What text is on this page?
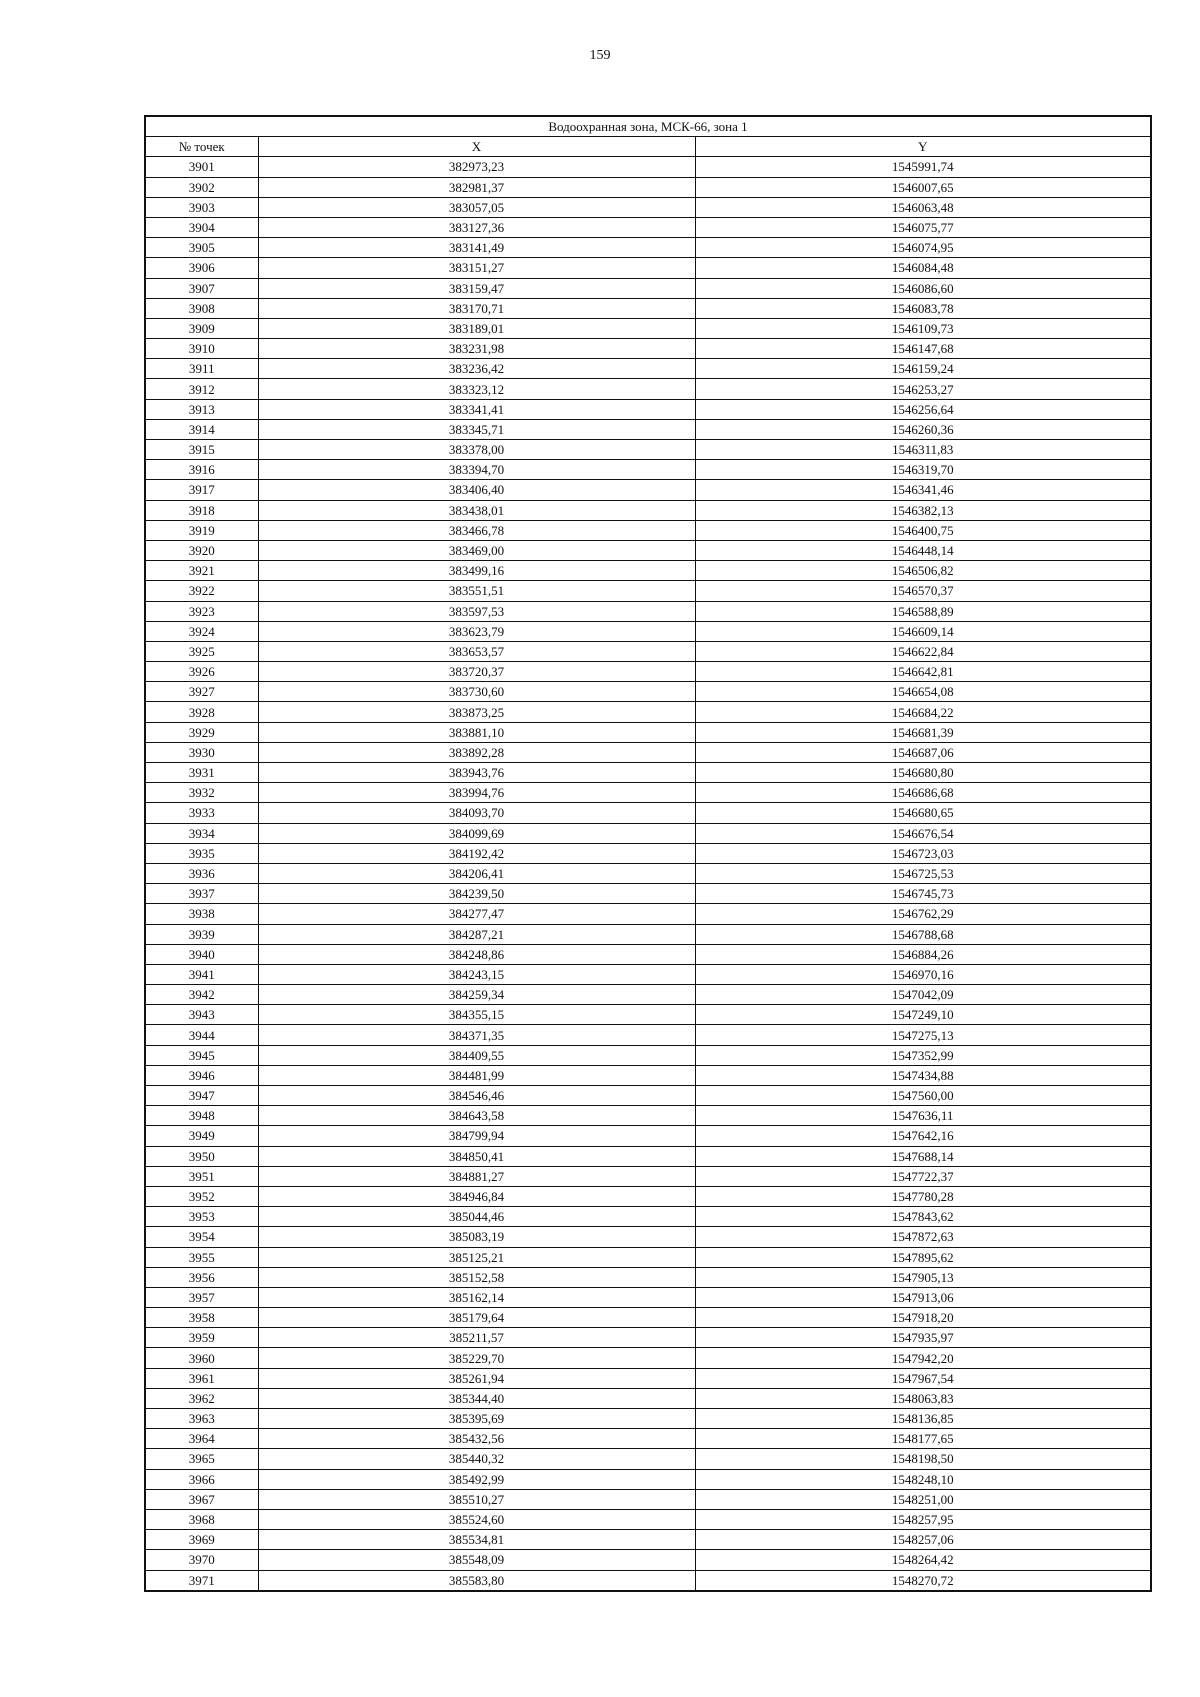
159
Водоохранная зона, МСК-66, зона 1		
№ точек	X	Y
3901	382973,23	1545991,74
3902	382981,37	1546007,65
3903	383057,05	1546063,48
3904	383127,36	1546075,77
3905	383141,49	1546074,95
3906	383151,27	1546084,48
3907	383159,47	1546086,60
3908	383170,71	1546083,78
3909	383189,01	1546109,73
3910	383231,98	1546147,68
3911	383236,42	1546159,24
3912	383323,12	1546253,27
3913	383341,41	1546256,64
3914	383345,71	1546260,36
3915	383378,00	1546311,83
3916	383394,70	1546319,70
3917	383406,40	1546341,46
3918	383438,01	1546382,13
3919	383466,78	1546400,75
3920	383469,00	1546448,14
3921	383499,16	1546506,82
3922	383551,51	1546570,37
3923	383597,53	1546588,89
3924	383623,79	1546609,14
3925	383653,57	1546622,84
3926	383720,37	1546642,81
3927	383730,60	1546654,08
3928	383873,25	1546684,22
3929	383881,10	1546681,39
3930	383892,28	1546687,06
3931	383943,76	1546680,80
3932	383994,76	1546686,68
3933	384093,70	1546680,65
3934	384099,69	1546676,54
3935	384192,42	1546723,03
3936	384206,41	1546725,53
3937	384239,50	1546745,73
3938	384277,47	1546762,29
3939	384287,21	1546788,68
3940	384248,86	1546884,26
3941	384243,15	1546970,16
3942	384259,34	1547042,09
3943	384355,15	1547249,10
3944	384371,35	1547275,13
3945	384409,55	1547352,99
3946	384481,99	1547434,88
3947	384546,46	1547560,00
3948	384643,58	1547636,11
3949	384799,94	1547642,16
3950	384850,41	1547688,14
3951	384881,27	1547722,37
3952	384946,84	1547780,28
3953	385044,46	1547843,62
3954	385083,19	1547872,63
3955	385125,21	1547895,62
3956	385152,58	1547905,13
3957	385162,14	1547913,06
3958	385179,64	1547918,20
3959	385211,57	1547935,97
3960	385229,70	1547942,20
3961	385261,94	1547967,54
3962	385344,40	1548063,83
3963	385395,69	1548136,85
3964	385432,56	1548177,65
3965	385440,32	1548198,50
3966	385492,99	1548248,10
3967	385510,27	1548251,00
3968	385524,60	1548257,95
3969	385534,81	1548257,06
3970	385548,09	1548264,42
3971	385583,80	1548270,72
